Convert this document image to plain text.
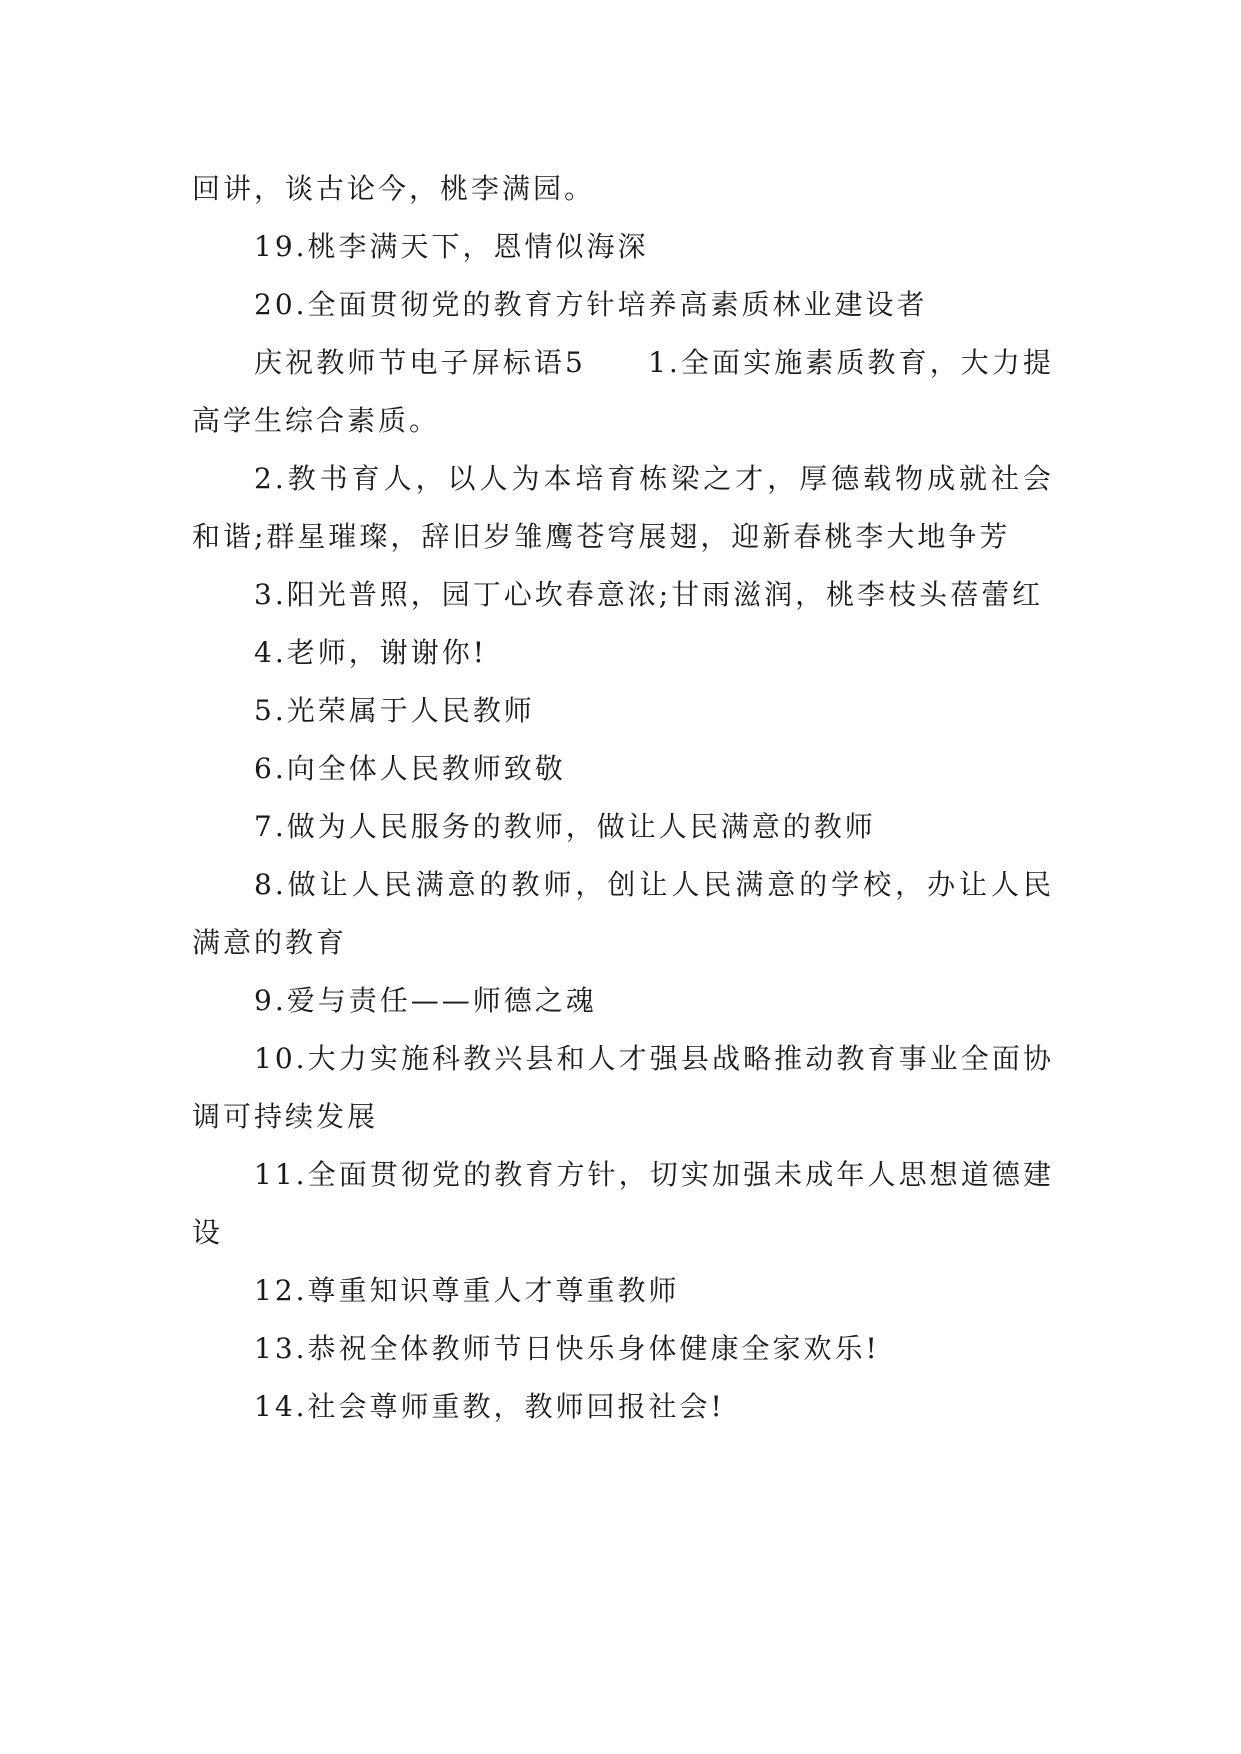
回讲，谈古论今，桃李满园。

19.桃李满天下，恩情似海深

20.全面贯彻党的教育方针培养高素质林业建设者

庆祝教师节电子屏标语5　　1.全面实施素质教育，大力提高学生综合素质。

2.教书育人，以人为本培育栋梁之才，厚德载物成就社会和谐;群星璀璨，辞旧岁雏鹰苍穹展翅，迎新春桃李大地争芳

3.阳光普照，园丁心坎春意浓;甘雨滋润，桃李枝头蓓蕾红

4.老师，谢谢你!

5.光荣属于人民教师

6.向全体人民教师致敬

7.做为人民服务的教师，做让人民满意的教师

8.做让人民满意的教师，创让人民满意的学校，办让人民满意的教育

9.爱与责任——师德之魂

10.大力实施科教兴县和人才强县战略推动教育事业全面协调可持续发展

11.全面贯彻党的教育方针，切实加强未成年人思想道德建设

12.尊重知识尊重人才尊重教师

13.恭祝全体教师节日快乐身体健康全家欢乐!

14.社会尊师重教，教师回报社会!
